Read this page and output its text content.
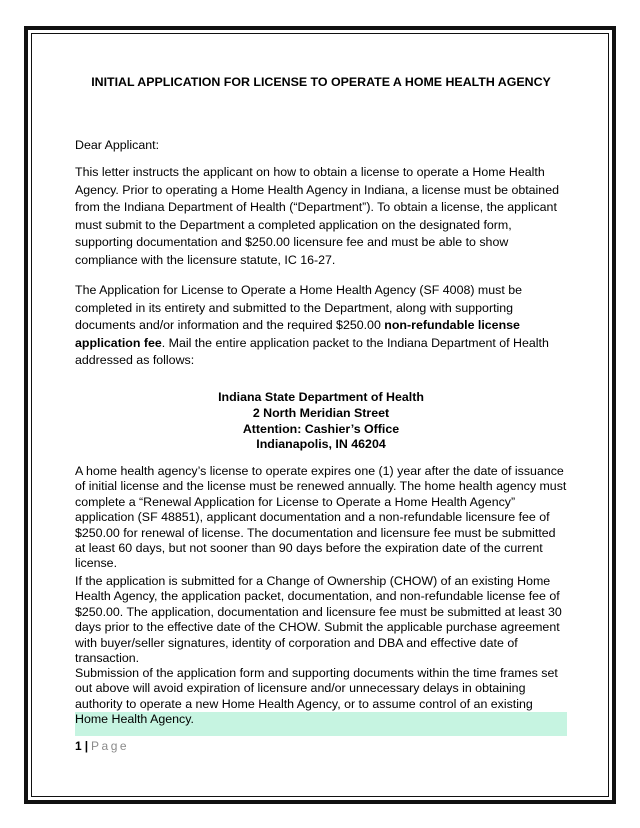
INITIAL APPLICATION FOR LICENSE TO OPERATE A HOME HEALTH AGENCY
Dear Applicant:

This letter instructs the applicant on how to obtain a license to operate a Home Health Agency. Prior to operating a Home Health Agency in Indiana, a license must be obtained from the Indiana Department of Health (“Department”). To obtain a license, the applicant must submit to the Department a completed application on the designated form, supporting documentation and $250.00 licensure fee and must be able to show compliance with the licensure statute, IC 16-27.

The Application for License to Operate a Home Health Agency (SF 4008) must be completed in its entirety and submitted to the Department, along with supporting documents and/or information and the required $250.00 non-refundable license application fee. Mail the entire application packet to the Indiana Department of Health addressed as follows:

Indiana State Department of Health
2 North Meridian Street
Attention: Cashier’s Office
Indianapolis, IN 46204

A home health agency’s license to operate expires one (1) year after the date of issuance of initial license and the license must be renewed annually. The home health agency must complete a “Renewal Application for License to Operate a Home Health Agency” application (SF 48851), applicant documentation and a non-refundable licensure fee of $250.00 for renewal of license. The documentation and licensure fee must be submitted at least 60 days, but not sooner than 90 days before the expiration date of the current license.

If the application is submitted for a Change of Ownership (CHOW) of an existing Home Health Agency, the application packet, documentation, and non-refundable license fee of $250.00. The application, documentation and licensure fee must be submitted at least 30 days prior to the effective date of the CHOW. Submit the applicable purchase agreement with buyer/seller signatures, identity of corporation and DBA and effective date of transaction.

Submission of the application form and supporting documents within the time frames set out above will avoid expiration of licensure and/or unnecessary delays in obtaining authority to operate a new Home Health Agency, or to assume control of an existing Home Health Agency.

1 | Page
